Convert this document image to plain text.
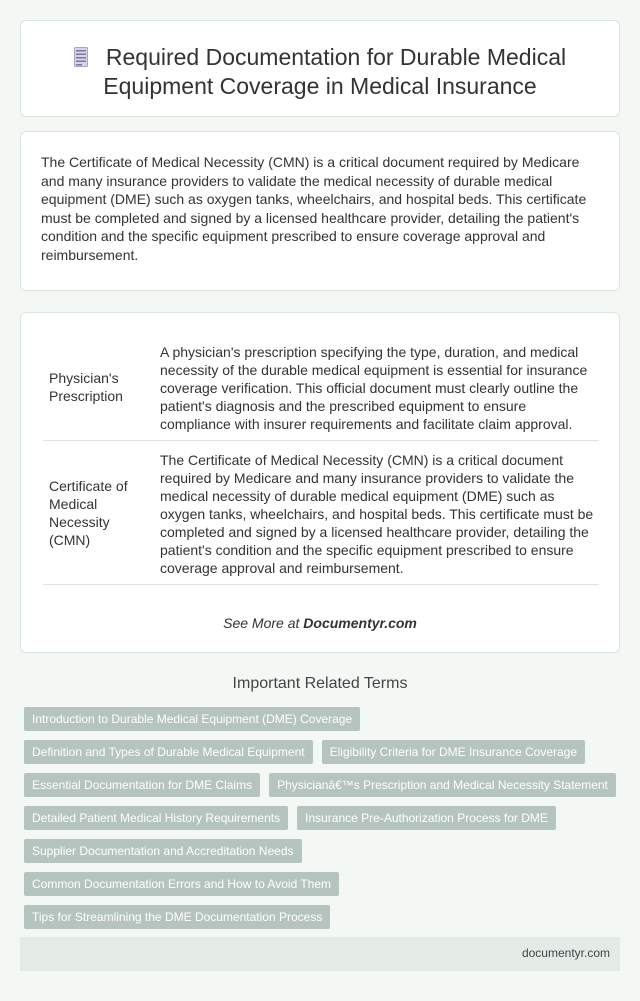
Required Documentation for Durable Medical Equipment Coverage in Medical Insurance
The Certificate of Medical Necessity (CMN) is a critical document required by Medicare and many insurance providers to validate the medical necessity of durable medical equipment (DME) such as oxygen tanks, wheelchairs, and hospital beds. This certificate must be completed and signed by a licensed healthcare provider, detailing the patient's condition and the specific equipment prescribed to ensure coverage approval and reimbursement.
Physician's Prescription	A physician's prescription specifying the type, duration, and medical necessity of the durable medical equipment is essential for insurance coverage verification. This official document must clearly outline the patient's diagnosis and the prescribed equipment to ensure compliance with insurer requirements and facilitate claim approval.
Certificate of Medical Necessity (CMN)	The Certificate of Medical Necessity (CMN) is a critical document required by Medicare and many insurance providers to validate the medical necessity of durable medical equipment (DME) such as oxygen tanks, wheelchairs, and hospital beds. This certificate must be completed and signed by a licensed healthcare provider, detailing the patient's condition and the specific equipment prescribed to ensure coverage approval and reimbursement.
See More at Documentyr.com
Important Related Terms
Introduction to Durable Medical Equipment (DME) Coverage
Definition and Types of Durable Medical Equipment	Eligibility Criteria for DME Insurance Coverage
Essential Documentation for DME Claims	Physicianâ€™s Prescription and Medical Necessity Statement
Detailed Patient Medical History Requirements	Insurance Pre-Authorization Process for DME
Supplier Documentation and Accreditation Needs
Common Documentation Errors and How to Avoid Them
Tips for Streamlining the DME Documentation Process
documentyr.com
